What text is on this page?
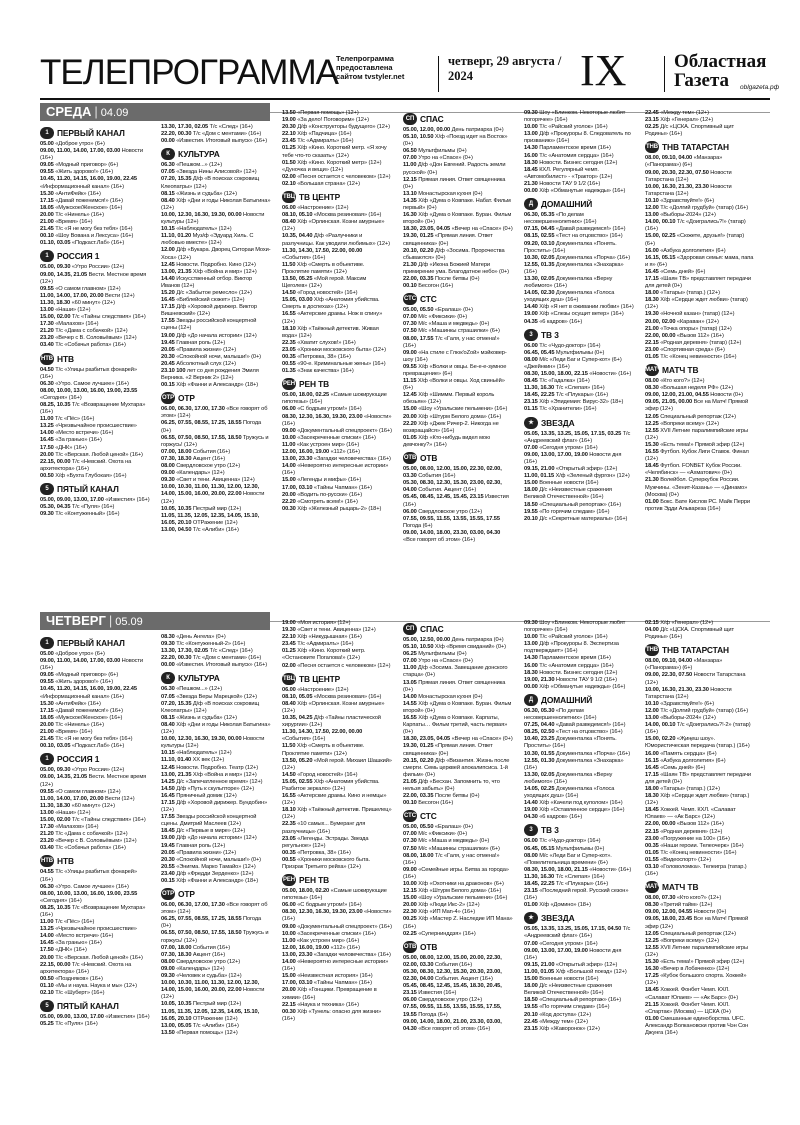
ТЕЛЕПРОГРАММА
Телепрограмма предоставлена сайтом tvstyler.net
четверг, 29 августа / 2024	IX	Областная
Газета	oblgazeta.рф
СРЕДА | 04.09
ЧЕТВЕРГ | 05.09
1 ПЕРВЫЙ КАНАЛ

05.00 «Доброе утро» (6+)

09.00, 11.00, 14.00, 17.00, 03.00 Новости (16+)

09.05 «Модный приговор» (6+)

09.55 «Жить здорово!» (16+)

10.45, 11.20, 14.15, 16.00, 19.00, 22.45 «Информационный канал» (16+)

15.30 «АнтиФейк» (16+)

17.15 «Давай поженимся!» (16+)

18.05 «Мужское/Женское» (16+)

20.00 Т/с «Нинель» (16+)

21.00 «Время» (16+)

21.45 Т/с «Я не могу без тебя» (16+)

00.10 «Шоу Вована и Лексуса» (16+)

01.10, 03.05 «Подкаст.Лаб» (16+)

1 РОССИЯ 1

05.00, 09.30 «Утро России» (12+)

09.00, 14.35, 21.05 Вести. Местное время (12+)

09.55 «О самом главном» (12+)

11.00, 14.00, 17.00, 20.00 Вести (12+)

11.30, 18.30 «60 минут» (12+)

13.00 «Наши» (12+)

15.00, 02.00 Т/с «Тайны следствия» (16+)

17.30 «Малахов» (16+)

21.20 Т/с «Дама с собачкой» (12+)

23.20 «Вечер с В. Соловьёвым» (12+)

03.40 Т/с «Собачья работа» (16+)

НТВ НТВ

04.50 Т/с «Улицы разбитых фонарей» (16+)

06.30 «Утро. Самое лучшее» (16+)

08.00, 10.00, 13.00, 16.00, 19.00, 23.55 «Сегодня» (16+)

08.25, 10.35 Т/с «Возвращение Мухтара» (16+)

11.00 Т/с «Пёс» (16+)

13.25 «Чрезвычайное происшествие»

14.00 «Место встречи» (16+)

16.45 «За гранью» (16+)

17.50 «ДНК» (16+)

20.00 Т/с «Верская. Любой ценой» (16+)

22.15, 00.00 Т/с «Невский. Охота на архитектора» (16+)

00.50 Х/ф «Бухта Глубокая» (16+)

5 ПЯТЫЙ КАНАЛ

05.00, 09.00, 13.00, 17.00 «Известия» (16+)

05.30, 04.35 Т/с «Пуля» (16+)

09.30 Т/с «Контуженный» (16+)

13.30, 17.30, 02.05 Т/с «След» (16+)

22.20, 00.30 Т/с «Дом с ментами» (16+)

00.00 «Известия. Итоговый выпуск» (16+)

К КУЛЬТУРА

06.30 «Пешком...» (12+)

07.05 «Звезда Нины Алисовой» (12+)

07.20, 15.35 Д/ф «В поисках сокровищ Клеопатры» (12+)

08.15 «Жизнь и судьба» (12+)

08.40 Х/ф «Дни и годы Николая Батыгина» (12+)

10.00, 12.30, 16.30, 19.30, 00.00 Новости культуры (12+)

10.15 «Наблюдатель» (12+)

11.10, 01.20 Муз/ф «Эдуард Хиль. С любовью вместе» (12+)

12.00 Д/ф «Букара. Дворец Ситораи Мохи-Хоса» (12+)

12.45 Новости. Подробно. Кино (12+)

13.00, 21.35 Х/ф «Война и мир» (12+)

14.40 Искусственный отбор. Виктор Иванов (12+)

15.20 Д/с «Забытое ремесло» (12+)

16.45 «Библейский сюжет» (12+)

17.15 Д/ф «Хоровой дирижер. Виктор Вишневский» (12+)

17.55 Звезды российской концертной сцены (12+)

19.00 Д/ф «До начала истории» (12+)

19.45 Главная роль (12+)

20.05 «Правила жизни» (12+)

20.30 «Спокойной ночи, малыши!» (0+)

20.45 Абсолютный слух (12+)

23.10 100 лет со дня рождения Эмиля Верника. «2 Верник 2» (12+)

00.15 Х/ф «Фанни и Александр» (18+)

ОТР ОТР

06.00, 06.30, 17.00, 17.30 «Все говорят об этом» (12+)

06.25, 07.55, 08.55, 17.25, 18.55 Погода (0+)

06.55, 07.50, 08.50, 17.55, 18.50 Тружусь и горжусь! (12+)

07.00, 18.00 События (16+)

07.30, 18.30 Акцент (16+)

08.00 Свердловское утро (12+)

09.00 «Календарь» (12+)

09.30 «Свет и тени. Авиценна» (12+)

10.00, 10.30, 11.00, 11.30, 12.00, 12.30, 14.00, 15.00, 16.00, 20.00, 22.00 Новости (12+)

10.05, 10.35 Пестрый мир (12+)

11.05, 11.35, 12.05, 12.35, 14.05, 15.10, 16.05, 20.10 ОТРажение (12+)

13.00, 04.50 Т/с «Алиби» (16+)

13.50 «Первая помощь» (12+)

19.00 «За дело! Поговорим» (12+)

20.30 Д/ф «Конструкторы будущего» (12+)

22.10 Х/ф «Падчица» (16+)

23.45 Т/с «Адмиралъ» (16+)

01.25 Х/ф «Кино. Короткий метр. «Я хочу тебе что-то сказать» (12+)

01.50 Х/ф «Кино. Короткий метр» (12+)

«Дуночка и вещи» (12+)

02.00 «Песня остается с человеком» (12+)

02.10 «Большая страна» (12+)

ТВЦ ТВ ЦЕНТР

06.00 «Настроение» (12+)

08.10, 05.10 «Москва резиновая» (16+)

08.40 Х/ф «Орлинская. Козни амурные» (12+)

10.35, 04.40 Д/ф «Разлучники и разлучницы. Как уводили любимых» (12+)

11.30, 14.30, 17.50, 22.00, 00.00 «События» (16+)

11.50 Х/ф «Смерть в объективе. Проклятие памяти» (12+)

13.50, 05.25 «Мой герой. Максим Щеголев» (12+)

14.50 «Город новостей» (16+)

15.05, 03.00 Х/ф «Анатомия убийства. Смерть в доспехах» (12+)

16.55 «Актерские драмы. Нож в спину» (12+)

18.10 Х/ф «Таёжный детектив. Живая вода» (12+)

22.35 «Хватит слухов!» (16+)

23.05 «Хроники московского быта» (12+)

00.35 «Петровка, 38» (16+)

00.55 «90-е. Криминальные жены» (16+)

01.35 «Знак качества» (16+)

РЕН РЕН ТВ

05.00, 18.00, 02.25 «Самые шокирующие гипотезы» (16+)

06.00 «С бодрым утром!» (16+)

08.30, 12.30, 16.30, 19.30, 23.00 «Новости» (16+)

09.00 «Документальный спецпроект» (16+)

10.00 «Засекреченные списки» (16+)

11.00 «Как устроен мир» (16+)

12.00, 16.00, 19.00 «112» (16+)

13.00, 23.30 «Загадки человечества» (16+)

14.00 «Невероятно интересные истории» (16+)

15.00 «Легенды и мифы» (16+)

17.00, 03.10 «Тайны Чапман» (16+)

20.00 «Водить по-русски» (16+)

22.20 «Смотреть всем!» (16+)

00.30 Х/ф «Железный рыцарь-2» (18+)

СП СПАС

05.00, 12.00, 00.00 День патриарха (0+)

05.10, 10.50 Х/ф «Поезд идет на Восток» (0+)

06.50 Мультфильмы (0+)

07.00 Утро на «Спасе» (0+)

11.00 Д/ф «Дон Евгений. Радость земли русской» (0+)

12.15 Прямая линия. Ответ священника (0+)

13.10 Монастырская кухня (0+)

14.35 Х/ф «Дума о Ковпаке. Набат. Фильм первый» (0+)

16.30 Х/ф «Дума о Ковпаке. Буран. Фильм второй» (0+)

18.30, 23.05, 04.05 «Вечер на «Спасе» (0+)

19.30, 01.25 «Прямая линия. Ответ священника» (0+)

20.10, 02.20 Д/ф «Зосима. Пророчества сбываются» (0+)

21.30 Д/ф «Икона Божией Матери примирение ума. Благодатное небо» (0+)

22.00, 03.35 После битвы (0+)

00.10 Бесогон (16+)

СТС СТС

05.00, 05.50 «Ералаш» (0+)

07.00 М/с «Фиксики» (0+)

07.30 М/с «Маша и медведь» (0+)

07.50 М/с «Машинкы страшилки» (6+)

08.00, 17.55 Т/с «Галя, у нас отмена!» (16+)

09.00 «На стиле с Глюк'oZой» мэйковер-шоу (16+)

09.55 Х/ф «Волки и овцы. Бе-е-е-зумное превращение» (6+)

11.15 Х/ф «Волки и овцы. Ход свиньёй» (6+)

12.45 Х/ф «Шиммм. Первый король обезьян» (12+)

15.00 «Шоу «Уральские пельмени» (16+)

20.00 Х/ф «Штурм Белого дома» (16+)

22.20 Х/ф «Джек Ричер-2. Никогда не возвращайся» (16+)

01.05 Х/ф «Кто-нибудь видел мою девчонку?» (16+)

ОТВ ОТВ

05.00, 08.00, 12.00, 15.00, 22.30, 02.00, 03.30 События (16+)

05.30, 08.30, 12.30, 15.30, 23.00, 02.30, 04.00 События. Акцент (16+)

05.45, 08.45, 12.45, 15.45, 23.15 Известия (16+)

06.00 Свердловское утро (12+)

07.55, 09.55, 11.55, 13.55, 15.55, 17.55 Погода (6+)

09.00, 14.00, 18.00, 23.30, 03.00, 04.30 «Все говорят об этом» (16+)

09.30 Шоу «Блинком. Некоторые любят погорячее» (16+)

10.00 Т/с «Райский уголок» (16+)

13.00 Д/ф «Прокуроры 8. Следователь по призванию» (16+)

14.30 Парламентское время (16+)

16.00 Т/с «Анатомия сердца» (16+)

18.30 Новости. Бизнес сегодня (12+)

18.45 КХЛ. Регулярный чемп. «Автомобилист» - «Трактор» (12+)

21.30 Новости ТАУ 9 1/2 (16+)

00.00 Х/ф «Обманутые надежды» (16+)

Д ДОМАШНИЙ

06.30, 05.35 «По делам несовершеннолетних» (16+)

07.15, 04.45 «Давай разведемся!» (16+)

08.15, 02.55 «Тест на отцовство» (16+)

09.20, 03.10 Документалка «Понять. Простить» (16+)

10.30, 02.05 Документалка «Порча» (16+)

12.55, 01.35 Документалка «Знахарка» (16+)

13.30, 02.05 Документалка «Верну любимого» (16+)

14.05, 02.30 Документалка «Голоса уходящих душ» (16+)

14.40 Х/ф «Я нет в оживании любви» (16+)

19.00 Х/ф «Слезы осущит ветер» (16+)

04.35 «6 кадров» (16+)

3 ТВ 3

06.00 Т/с «Чудо-доктор» (16+)

06.45, 05.45 Мультфильмы (0+)

08.00 М/с «Леди Баг и Супер-кот» (6+)

«Джейнкин» (16+)

08.30, 15.00, 18.00, 22.15 «Новости» (16+)

08.45 Т/с «Гадалка» (16+)

11.30, 16.30 Т/с «Слепая» (16+)

18.45, 22.25 Т/с «Плукары» (16+)

23.15 Х/ф «Эпидемия: Вирус-32» (18+)

01.15 Т/с «Хранители» (16+)

★ ЗВЕЗДА

05.05, 13.35, 13.25, 15.05, 17.15, 03.25 Т/с «Андреевский флаг» (16+)

07.00 «Сегодня утром» (16+)

09.00, 13.00, 17.00, 19.00 Новости дня (16+)

09.15, 21.00 «Открытый эфир» (12+)

11.00, 01.15 Х/ф «Зеленый фургон» (12+)

15.00 Военные новости (16+)

18.00 Д/с «Неизвестные сражения Великой Отечественной» (16+)

18.50 «Специальный репортаж» (16+)

19.55 «По горячим следам» (16+)

20.10 Д/с «Секретные материалы» (16+)

22.45 «Между тем» (12+)

23.15 Х/ф «Генерал» (12+)

02.25 Д/с «ЦСКА. Спортивный щит Родины» (16+)

ТНВ ТНВ ТАТАРСТАН

08.00, 09.10, 04.00 «Манзара» («Панорама») (6+)

09.00, 20.30, 22.30, 07.50 Новости Татарстана (12+)

10.00, 16.30, 21.30, 23.30 Новости Татарстана (12+)

10.10 «Здравствуйте!» (6+)

12.00 Т/с «Долгий грудбуй» (татар) (16+)

13.00 «Выборы-2024» (12+)

14.00, 00.10 Т/с «Доигрались?!» (татар) (16+)

15.00, 02.25 «Сюжете, друзья!» (татар) (6+)

16.00 «Азбука долголетия» (6+)

16.15, 05.15 «Здоровая семья: мама, папа и я» (6+)

16.45 «Семь дней» (6+)

17.15 «Шаян ТВ» представляет передачи для детей (0+)

18.00 «Татары» (татар.) (12+)

18.30 Х/ф «Сердце ждет любви» (татар) (12+)

19.30 «Ночной казан» (татар) (12+)

20.00, 02.00 «Караван» (12+)

21.00 «Точка опоры» (татар) (12+)

22.00, 00.00 «Вызов 112» (16+)

22.15 «Родная деревня» (татар) (12+)

23.00 «Спортивная среда» (6+)

01.05 Т/с «Конец невинности» (16+)

МАТЧ МАТЧ ТВ

08.00 «Кто кого?» (12+)

08.30 «Большая неделя РФ» (12+)

09.00, 12.00, 21.00, 04.55 Новости (0+)

09.05, 21.05, 00.00 Все на Матч! Прямой эфир (12+)

12.05 Специальный репортаж (12+)

12.25 «Вопреки всему» (12+)

12.55 XVII Летние паралимпийские игры (12+)

15.30 «Есть тема!» Прямой эфир (12+)

16.55 Футбол. Кубок Лиги Ставок. Финал (12+)

18.45 Футбол. FONBET Кубок России. «Челябинск» — «Ахматович» (0+)

21.30 Волейбол. Суперкубок России. Мужчины. «Зенит-Казань» — «Динамо» (Москва) (0+)

01.00 Бокс. Бате Кислов РС. Майк Перри против Эдди Альвареза (16+)

1 ПЕРВЫЙ КАНАЛ

05.00 «Доброе утро» (6+)

09.00, 11.00, 14.00, 17.00, 03.00 Новости (16+)

09.05 «Модный приговор» (6+)

09.55 «Жить здорово!» (16+)

10.45, 11.20, 14.15, 16.00, 19.00, 22.45 «Информационный канал» (16+)

15.30 «АнтиФейк» (16+)

17.15 «Давай поженимся!» (16+)

18.05 «Мужское/Женское» (16+)

20.00 Т/с «Нинель» (16+)

21.00 «Время» (16+)

21.45 Т/с «Я не могу без тебя» (16+)

00.10, 03.05 «Подкаст.Лаб» (16+)

1 РОССИЯ 1

05.00, 09.30 «Утро России» (12+)

09.00, 14.35, 21.05 Вести. Местное время (12+)

09.55 «О самом главном» (12+)

11.00, 14.00, 17.00, 20.00 Вести (12+)

11.30, 18.30 «60 минут» (12+)

13.00 «Наши» (12+)

15.00, 02.00 Т/с «Тайны следствия» (16+)

17.30 «Малахов» (16+)

21.20 Т/с «Дама с собачкой» (12+)

23.20 «Вечер с В. Соловьёвым» (12+)

03.40 Т/с «Собачья работа» (16+)

НТВ НТВ

04.55 Т/с «Улицы разбитых фонарей» (16+)

06.30 «Утро. Самое лучшее» (16+)

08.00, 10.00, 13.00, 16.00, 19.00, 23.55 «Сегодня» (16+)

08.25, 10.35 Т/с «Возвращение Мухтара» (16+)

11.00 Т/с «Пёс» (16+)

13.25 «Чрезвычайное происшествие»

14.00 «Место встречи» (16+)

16.45 «За гранью» (16+)

17.50 «ДНК» (16+)

20.00 Т/с «Верская. Любой ценой» (16+)

22.15, 00.00 Т/с «Невский. Охота на архитектора» (16+)

00.50 «Поздняков» (16+)

01.10 «Мы и наука. Наука и мы» (12+)

02.10 Т/с «Шуберт» (16+)

5 ПЯТЫЙ КАНАЛ

05.00, 09.00, 13.00, 17.00 «Известия» (16+)

05.25 Т/с «Пуля» (16+)

08.30 «День Ангела» (0+)

09.30 Т/с «Контуженный-2» (16+)

13.30, 17.30, 02.05 Т/с «След» (16+)

22.20, 00.30 Т/с «Дом с ментами» (16+)

00.00 «Известия. Итоговый выпуск» (16+)

К КУЛЬТУРА

06.30 «Пешком...» (12+)

07.05 «Звезда Веры Марецкой» (12+)

07.20, 15.35 Д/ф «В поисках сокровищ Клеопатры» (12+)

08.15 «Жизнь и судьба» (12+)

08.40 Х/ф «Дни и годы Николая Батыгина» (12+)

10.00, 12.30, 16.30, 19.30, 00.00 Новости культуры (12+)

10.15 «Наблюдатель» (12+)

11.10, 01.40 ХХ век (12+)

12.45 Новости. Подробно. Театр (12+)

13.00, 21.35 Х/ф «Война и мир» (12+)

14.25 Д/с «Запечатленное время» (12+)

14.50 Д/ф «Путь к скульпторе» (12+)

16.45 Пряничный домик (12+)

17.15 Д/ф «Хоровой дирижер. Бундобин» (12+)

17.55 Звезды российской концертной сцены. Дмитрий Маслеев (12+)

18.45 Д/с «Первые в мире» (12+)

19.00 Д/ф «До начала истории» (12+)

19.45 Главная роль (12+)

20.05 «Правила жизни» (12+)

20.30 «Спокойной ночи, малыши!» (0+)

20.55 «Энигма. Марко Тамайо» (12+)

23.40 Д/ф «Фредди Зерденко» (12+)

00.15 Х/ф «Фанни и Александр» (18+)

ОТР ОТР

06.00, 06.30, 17.00, 17.30 «Все говорят об этом» (12+)

06.25, 07.55, 08.55, 17.25, 18.55 Погода (0+)

06.55, 07.50, 08.50, 17.55, 18.50 Тружусь и горжусь! (12+)

07.00, 18.00 События (16+)

07.30, 18.30 Акцент (16+)

08.00 Свердловское утро (12+)

09.00 «Календарь» (12+)

09.30 «Человек и судьба» (12+)

10.00, 10.30, 11.00, 11.30, 12.00, 12.30, 14.00, 15.00, 16.00, 20.00, 22.00 Новости (12+)

10.05, 10.35 Пестрый мир (12+)

11.05, 11.35, 12.05, 12.35, 14.05, 15.10, 16.05, 20.10 ОТРажение (12+)

13.00, 05.05 Т/с «Алиби» (16+)

13.50 «Первая помощь» (12+)

19.00 «Моя история» (12+)

19.30 «Свет и тени. Авиценна» (12+)

22.10 Х/ф «Никудышная» (16+)

23.45 Т/с «Адмиралъ» (16+)

01.25 Х/ф «Кино. Короткий метр. «Остановите Погалова!» (12+)

02.00 «Песня остается с человеком» (12+)

ТВЦ ТВ ЦЕНТР

06.00 «Настроение» (12+)

08.10, 05.05 «Москва резиновая» (16+)

08.40 Х/ф «Орлинская. Козни амурные» (12+)

10.35, 04.25 Д/ф «Тайны пластической хирургии» (12+)

11.30, 14.30, 17.50, 22.00, 00.00 «События» (16+)

11.50 Х/ф «Смерть в объективе. Проклятие памяти» (12+)

13.50, 05.20 «Мой герой. Михаил Шашкий» (12+)

14.50 «Город новостей» (16+)

15.05, 02.55 Х/ф «Анатомия убийства. Разбитое зеркало» (12+)

16.55 «Актерские драмы. Кино и немцы» (12+)

18.10 Х/ф «Таёжный детектив. Пришелец» (12+)

22.35 «10 самых... Бумеранг для разлучницы» (16+)

23.05 «Легенды. Эстрады. Звезда регульное» (12+)

00.35 «Петровка, 38» (16+)

00.55 «Хроники московского быта. Призрак Третьего рейха» (12+)

РЕН РЕН ТВ

05.00, 18.00, 02.20 «Самые шокирующие гипотезы» (16+)

06.00 «С бодрым утром!» (16+)

08.30, 12.30, 16.30, 19.30, 23.00 «Новости» (16+)

09.00 «Документальный спецпроект» (16+)

10.00 «Засекреченные списки» (16+)

11.00 «Как устроен мир» (16+)

12.00, 16.00, 19.00 «112» (16+)

13.00, 23.30 «Загадки человечества» (16+)

14.00 «Невероятно интересные истории» (16+)

15.00 «Неизвестная история» (16+)

17.00, 03.10 «Тайны Чапман» (16+)

20.00 Х/ф «Гонщики. Превращение в химии» (16+)

22.15 «Наука и техника» (16+)

00.30 Х/ф «Тунель: опасно для жизни» (16+)

СП СПАС

05.00, 12.50, 00.00 День патриарха (0+)

05.10, 10.50 Х/ф «Время свиданий» (0+)

06.25 Мультфильмы (0+)

07.00 Утро на «Спасе» (0+)

11.00 Д/ф «Зосима. Завещание донского старца» (0+)

13.05 Прямая линия. Ответ священника (0+)

14.00 Монастырская кухня (0+)

14.55 Х/ф «Дума о Ковпаке. Буран. Фильм второй» (0+)

16.55 Х/ф «Дума о Ковпаке. Карпаты, Карпаты… Фильм третий, часть первая» (0+)

18.30, 23.05, 04.05 «Вечер на «Спасе» (0+)

19.30, 01.25 «Прямая линия. Ответ священника» (0+)

20.15, 02.20 Д/ф «Византия. Жизнь после смерти. Семь церквей апокалипсиса. 1-й фильм» (0+)

21.05 Д/ф «Бесхан. Запомнить то, что нельзя забыть» (0+)

22.00, 03.35 После битвы (0+)

00.10 Бесогон (16+)

СТС СТС

05.00, 05.50 «Ералаш» (0+)

07.00 М/с «Фиксики» (0+)

07.30 М/с «Маша и медведь» (0+)

07.50 М/с «Машинкы страшилки» (6+)

08.00, 18.00 Т/с «Галя, у нас отмена!» (16+)

09.00 «Семейные игры. Битва за города» (16+)

10.00 Х/ф «Охотники на драконов» (6+)

12.15 Х/ф «Штурм Белого дома» (16+)

15.00 «Шоу «Уральские пельмени» (16+)

20.00 Х/ф «Люди Икс-2» (12+)

22.30 Х/ф «ИП Man-4» (16+)

00.25 Х/ф «Мастер Z. Наследие ИП Мана» (16+)

02.25 «Супернинддзя» (16+)

ОТВ ОТВ

05.00, 08.00, 12.00, 15.00, 20.00, 22.30, 02.00, 03.30 События (16+)

05.30, 08.30, 12.30, 15.30, 20.30, 23.00, 02.30, 04.00 События. Акцент (16+)

05.45, 08.45, 12.45, 15.45, 18.30, 20.45, 23.15 Известия (16+)

06.00 Свердловское утро (12+)

07.55, 09.55, 11.55, 13.55, 15.55, 17.55, 19.55 Погода (6+)

09.00, 14.00, 18.00, 21.00, 23.30, 03.00, 04.30 «Все говорят об этом» (16+)

09.30 Шоу «Блинком. Некоторые любят погорячее» (16+)

10.00 Т/с «Райский уголок» (16+)

13.00 Д/ф «Прокуроры 8. Экспертиза подтверждает» (16+)

14.30 Парламентское время (16+)

16.00 Т/с «Анатомия сердца» (16+)

18.30 Новости. Бизнес сегодня (12+)

19.00, 21.30 Новости ТАУ 9 1/2 (16+)

00.00 Х/ф «Обманутые надежды» (16+)

Д ДОМАШНИЙ

06.30, 05.30 «По делам несовершеннолетних» (16+)

07.25, 04.40 «Давай разведемся!» (16+)

08.25, 02.50 «Тест на отцовство» (16+)

10.40, 23.25 Документалка «Понять. Простить» (16+)

10.30, 01.55 Документалка «Порча» (16+)

12.55, 01.30 Документалка «Знахарка» (16+)

13.30, 02.05 Документалка «Верну любимого» (16+)

14.05, 02.25 Документалка «Голоса уходящих душ» (16+)

14.40 Х/ф «Качели под куполом» (16+)

19.00 Х/ф «Оставленное сердце» (16+)

04.30 «6 кадров» (16+)

3 ТВ 3

06.00 Т/с «Чудо-доктор» (16+)

06.45, 05.15 Мультфильмы (0+)

08.00 М/с «Леди Баг и Супер-кот». «Повелительница времени» (6+)

08.30, 15.00, 18.00, 21.15 «Новости» (16+)

11.30, 16.30 Т/с «Слепая» (16+)

18.45, 22.25 Т/с «Плукары» (16+)

23.15 «Последний герой. Русский сезон» (16+)

01.00 Х/ф «Домино» (18+)

★ ЗВЕЗДА

05.05, 13.35, 13.25, 15.05, 17.15, 04.50 Т/с «Андреевский флаг» (16+)

07.00 «Сегодня утром» (16+)

09.00, 13.00, 17.00, 19.00 Новости дня (16+)

09.15, 21.00 «Открытый эфир» (12+)

11.00, 01.05 Х/ф «Большой поезд» (12+)

15.00 Военные новости (16+)

18.00 Д/с «Неизвестные сражения Великой Отечественной» (16+)

18.50 «Специальный репортаж» (16+)

19.55 «По горячим следам» (16+)

20.10 «Код доступа» (12+)

22.45 «Между тем» (12+)

23.15 Х/ф «Жаворонок» (12+)

02.15 Х/ф «Генерал» (12+)

04.00 Д/с «ЦСКА. Спортивный щит Родины» (16+)

ТНВ ТНВ ТАТАРСТАН

08.00, 09.10, 04.00 «Манзара» («Панорама») (6+)

09.00, 22.30, 07.50 Новости Татарстана (12+)

10.00, 16.30, 21.30, 23.30 Новости Татарстана (12+)

10.10 «Здравствуйте!» (6+)

12.00 Т/с «Долгий грудбуй» (татар) (16+)

13.00 «Выборы-2024» (12+)

14.00, 00.10 Т/с «Доигрались?!-2» (татар) (16+)

15.00, 02.20 «Җиңеш шоу». Юмористическая передача (татар.) (16+)

16.00 «Память сердца» (6+)

16.15 «Азбука долголетия» (6+)

16.45 «Семь дней» (6+)

17.15 «Шаян ТВ» представляет передачи для детей (0+)

18.00 «Татары» (татар.) (12+)

18.30 Х/ф «Сердце ждет любви» (татар.) (12+)

18.45 Хоккей. Чемп. КХЛ. «Салават Юлаев» — «Ак Барс» (12+)

22.00, 00.00 «Вызов 112» (16+)

22.15 «Родная деревня» (12+)

23.00 «Погружение на 100» (16+)

00.35 «Наши героии. Телеочерк» (16+)

01.05 Т/с «Конец невинности» (16+)

01.55 «Видеоспорт» (12+)

03.10 «Головоломка». Телеигра (татар.) (16+)

МАТЧ МАТЧ ТВ

08.00, 07.30 «Кто кого?» (12+)

08.30 «Третий тайм» (12+)

09.00, 12.00, 04.55 Новости (0+)

09.05, 18.00, 23.45 Все на Матч! Прямой эфир (12+)

12.05 Специальный репортаж (12+)

12.25 «Вопреки всему» (12+)

12.55 XVII Летние паралимпийские игры (12+)

15.30 «Есть тема!» Прямой эфир (12+)

16.30 «Вечер в Лобаченко» (12+)

17.25 «Кубок большого спорта. Хоккей» (12+)

18.45 Хоккей. Фонбет Чемп. КХЛ. «Салават Юлаев» — «Ак Барс» (0+)

21.15 Хоккей. Фонбет Чемп. КХЛ. «Спартак» (Москва) — ЦСКА (0+)

01.00 Смешанные единоборства. UFC. Александр Волкановски против Чэн Сон Джунга (16+)
